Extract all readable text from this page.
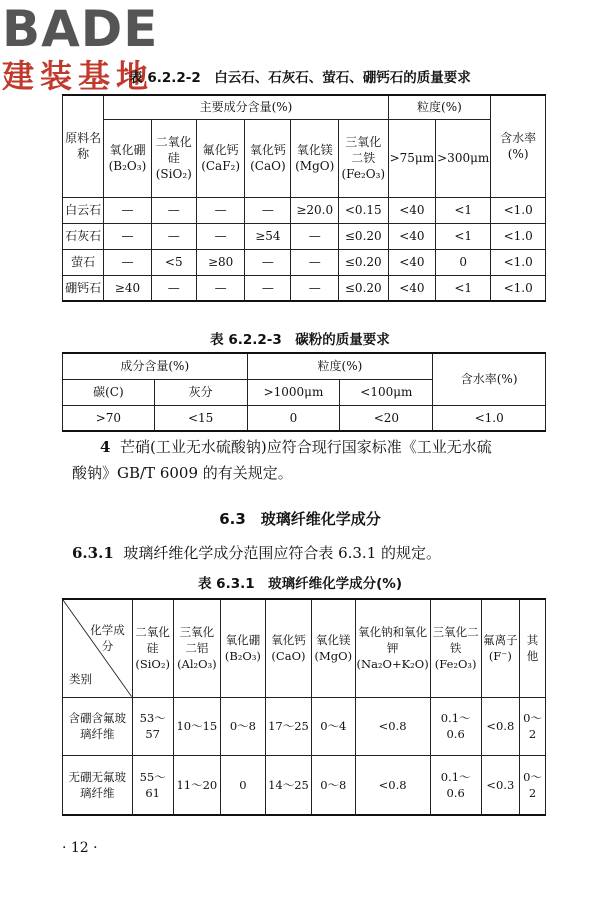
BADE
建装基地
表 6.2.2-2　白云石、石灰石、萤石、硼钙石的质量要求
原料名称	主要成分含量(%)						粒度(%)		含水率(%)
	氧化硼(B₂O₃)	二氧化硅(SiO₂)	氟化钙(CaF₂)	氧化钙(CaO)	氧化镁(MgO)	三氧化二铁(Fe₂O₃)	>75μm	>300μm	
白云石	—	—	—	—	≥20.0	<0.15	<40	<1	<1.0
石灰石	—	—	—	≥54	—	≤0.20	<40	<1	<1.0
萤石	—	<5	≥80	—	—	≤0.20	<40	0	<1.0
硼钙石	≥40	—	—	—	—	≤0.20	<40	<1	<1.0
表 6.2.2-3　碳粉的质量要求
成分含量(%)		粒度(%)		含水率(%)
碳(C)	灰分	>1000μm	<100μm	
>70	<15	0	<20	<1.0
4 芒硝(工业无水硫酸钠)应符合现行国家标准《工业无水硫
酸钠》GB/T 6009 的有关规定。
6.3　玻璃纤维化学成分
6.3.1 玻璃纤维化学成分范围应符合表 6.3.1 的规定。
表 6.3.1　玻璃纤维化学成分(%)
化学成分
类别	二氧化硅(SiO₂)	三氧化二铝(Al₂O₃)	氧化硼(B₂O₃)	氧化钙(CaO)	氧化镁(MgO)	氧化钠和氧化钾(Na₂O+K₂O)	三氧化二铁(Fe₂O₃)	氟离子(F⁻)	其他
含硼含氟玻璃纤维	53～57	10～15	0～8	17～25	0～4	<0.8	0.1～0.6	<0.8	0～2
无硼无氟玻璃纤维	55～61	11～20	0	14～25	0～8	<0.8	0.1～0.6	<0.3	0～2
· 12 ·
